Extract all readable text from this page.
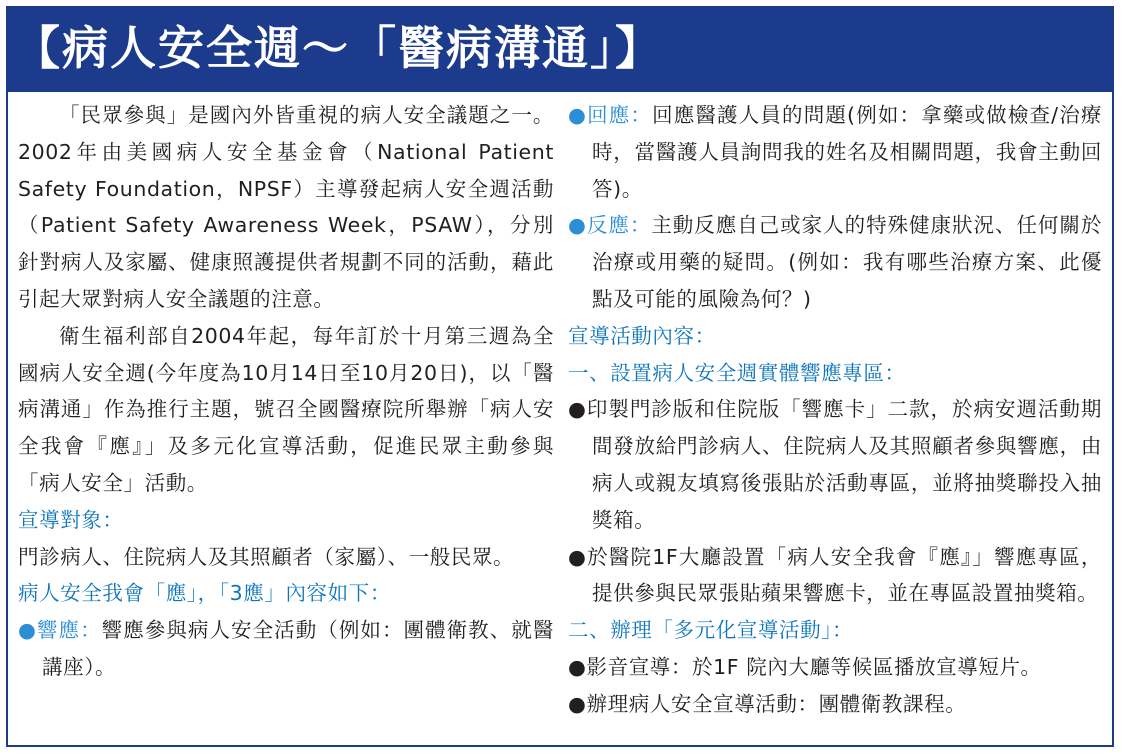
【病人安全週～「醫病溝通」】

「民眾參與」是國內外皆重視的病人安全議題之一。2002年由美國病人安全基金會（National Patient Safety Foundation，NPSF）主導發起病人安全週活動（Patient Safety Awareness Week，PSAW），分別針對病人及家屬、健康照護提供者規劃不同的活動，藉此引起大眾對病人安全議題的注意。

衛生福利部自2004年起，每年訂於十月第三週為全國病人安全週(今年度為10月14日至10月20日)，以「醫病溝通」作為推行主題，號召全國醫療院所舉辦「病人安全我會『應』」及多元化宣導活動，促進民眾主動參與「病人安全」活動。

宣導對象：

門診病人、住院病人及其照顧者（家屬）、一般民眾。

病人安全我會「應」，「3應」內容如下：

●響應：響應參與病人安全活動（例如：團體衛教、就醫講座）。

●回應：回應醫護人員的問題(例如：拿藥或做檢查/治療時，當醫護人員詢問我的姓名及相關問題，我會主動回答)。

●反應：主動反應自己或家人的特殊健康狀況、任何關於治療或用藥的疑問。(例如：我有哪些治療方案、此優點及可能的風險為何？)

宣導活動內容：

一、設置病人安全週實體響應專區：

●印製門診版和住院版「響應卡」二款，於病安週活動期間發放給門診病人、住院病人及其照顧者參與響應，由病人或親友填寫後張貼於活動專區，並將抽獎聯投入抽獎箱。

●於醫院1F大廳設置「病人安全我會『應』」響應專區，提供參與民眾張貼蘋果響應卡，並在專區設置抽獎箱。

二、辦理「多元化宣導活動」：

●影音宣導：於1F 院內大廳等候區播放宣導短片。

●辦理病人安全宣導活動：團體衛教課程。
